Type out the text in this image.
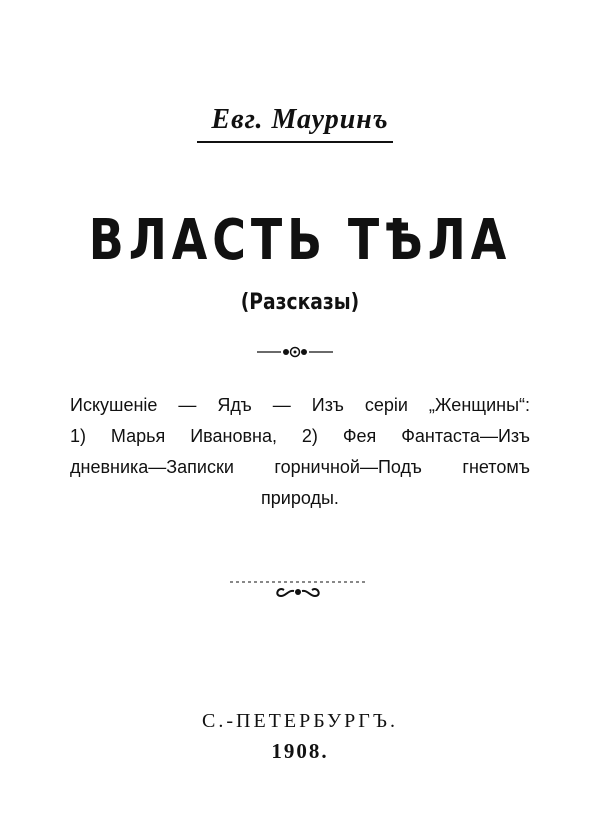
Евг. Мауринъ
ВЛАСТЬ ТѢЛА
(Разсказы)
Искушеніе — Ядъ — Изъ серіи „Женщины“:
1) Марья Ивановна, 2) Фея Фантаста—Изъ
дневника—Записки горничной—Подъ гнетомъ
природы.
С.-ПЕТЕРБУРГЪ.
1908.
